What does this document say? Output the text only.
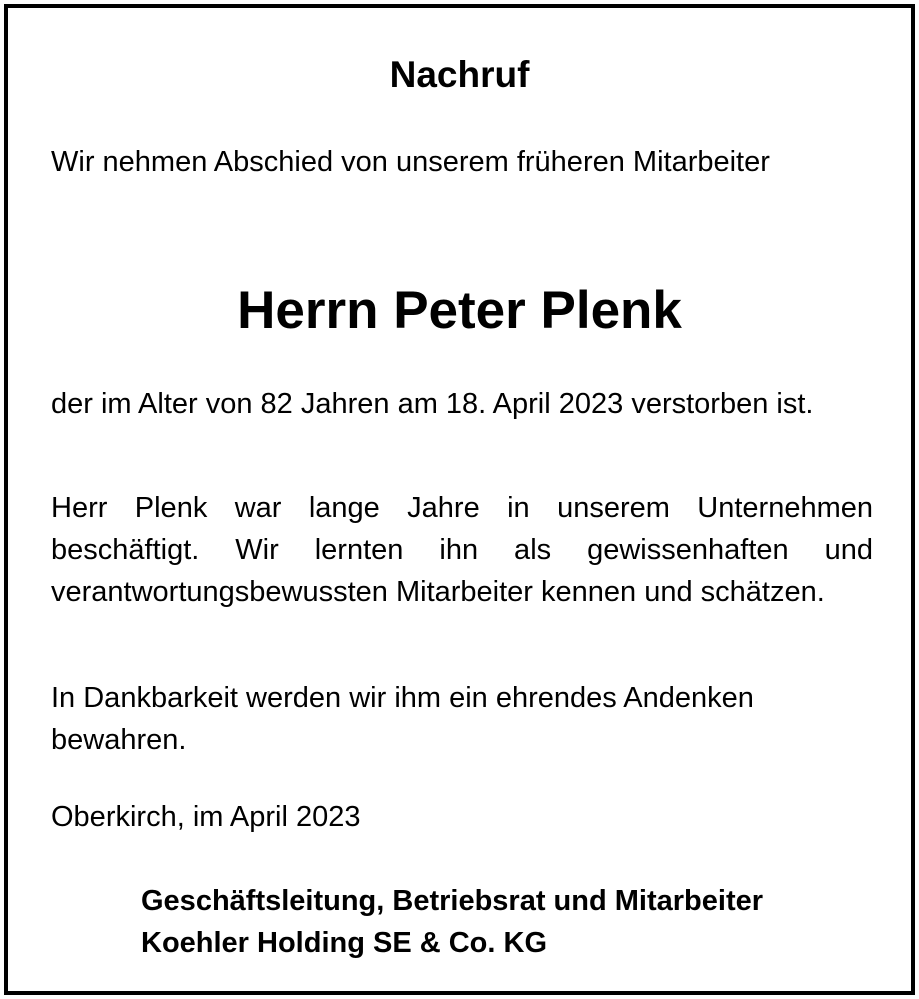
Nachruf

Wir nehmen Abschied von unserem früheren Mitarbeiter

Herrn Peter Plenk

der im Alter von 82 Jahren am 18. April 2023 verstorben ist.

Herr Plenk war lange Jahre in unserem Unternehmen beschäftigt. Wir lernten ihn als gewissenhaften und verantwortungsbewussten Mitarbeiter kennen und schätzen.

In Dankbarkeit werden wir ihm ein ehrendes Andenken bewahren.

Oberkirch, im April 2023

Geschäftsleitung, Betriebsrat und Mitarbeiter
Koehler Holding SE & Co. KG
